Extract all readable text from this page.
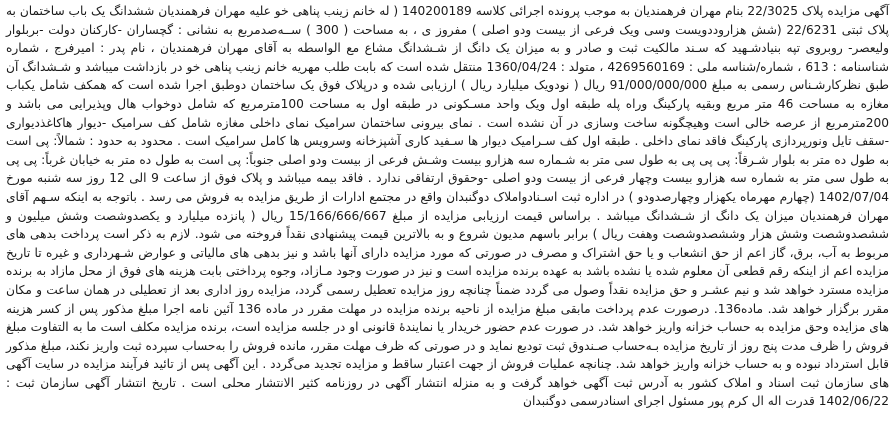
آگهی مزایده پلاک 22/3025 بنام مهران فرهمندیان به موجب پرونده اجرائی کلاسه 140200189 ( له خانم زینب پناهی خو علیه مهران فرهمندیان ششدانگ یک باب ساختمان به پلاک ثبتی 22/6231 (شش هزاروددویست وسی ویک فرعی از بیست ودو اصلی ) مفروز ی ، به مساحت ( 300 ) ســه‌صدمربع به نشانی : گچساران -کارکنان دولت -بربلوار ولیعصر- روبروی تپه بنیادشـهید که سـند مالکیت ثبت و صادر و به میزان یک دانگ از شـشدانگ مشاع مع الواسطه به آقای مهران فرهمندیان ، نام پدر : امیرفرج ، شماره شناسنامه : 613 ، شماره/شناسه ملی : 4269560169 ، متولد : 1360/04/24 منتقل شده است که بابت طلب مهریه خانم زینب پناهی خو در بازداشت میباشد و شـشدانگ آن طبق نظرکارشـناس رسمی به مبلغ 91/000/000/000 ریال ( نودویک میلیارد ریال ) ارزیابی شده و درپلاک فوق یک ساختمان دوطبق اجرا شده است که همکف شامل یکباب مغازه به مساحت 46 متر مربع وبقیه پارکینگ وراه پله طبقه اول ویک واحد مسـکونی در طبقه اول به مساحت 100مترمربع که شامل دوخواب هال وپذیرایی می باشد و 200مترمربع از عرصه خالی است وهیچگونه ساخت وسازی در آن نشده است . نمای بیرونی ساختمان سرامیک نمای داخلی مغازه شامل کف سرامیک -دیوار هاکاغذدیواری -سقف تایل ونورپردازی پارکینگ فاقد نمای داخلی . طبقه اول کف سـرامیک دیوار ها سـفید کاری آشپزخانه وسرویس ها کامل سرامیک است . محدود به حدود : شمالاً: پی است به طول ده متر به بلوار شـرقاً: پی پی پی به طول سی متر به شـماره سه هزارو بیست وشـش فرعی از بیست ودو اصلی جنوباً: پی است به طول ده متر به خیابان غرباً: پی پی به طول سی متر به شماره سه هزارو بیست وچهار فرعی از بیست ودو اصلی -وحقوق ارتفاقی ندارد . فاقد بیمه میباشد و پلاک فوق از ساعت 9 الی 12 روز سه شنبه مورخ 1402/07/04 (چهارم مهرماه یکهزار وچهارصدودو ) در اداره ثبت اسـنادواملاک دوگنبدان واقع در مجتمع ادارات از طریق مزایده به فروش می رسد . باتوجه به اینکه سـهم آقای مهران فرهمندیان میزان یک دانگ از شـشدانگ میباشد . براساس قیمت ارزیابی مزایده از مبلغ 15/166/666/667 ریال ( پانزده میلیارد و یکصدوشصت وشش میلیون و ششصدوشصت وشش هزار وششصدوشصت وهفت ریال ) برابر باسهم مدیون شروع و به بالاترین قیمت پیشنهادی نقداً فروخته می شود. لازم به ذکر است پرداخت بدهی های مربوط به آب، برق، گاز اعم از حق انشعاب و یا حق اشتراک و مصرف در صورتی که مورد مزایده دارای آنها باشد و نیز بدهی های مالیاتی و عوارض شـهرداری و غیره تا تاریخ مزایده اعم از اینکه رقم قطعی آن معلوم شده یا نشده باشد به عهده برنده مزایده است و نیز در صورت وجود مـازاد، وجوه پرداختی بابت هزینه های فوق از محل مازاد به برنده مزایده مسترد خواهد شد و نیم عشـر و حق مزایده نقداً وصول می گردد ضمناً چنانچه روز مزایده تعطیل رسمی گردد، مزایده روز اداری بعد از تعطیلی در همان ساعت و مکان مقرر برگزار خواهد شد. ماده136. درصورت عدم پرداخت مابقی مبلغ مزایده از ناحیه برنده مزایده در مهلت مقرر در ماده 136 آئین نامه اجرا مبلغ مذکور پس از کسر هزینه های مزایده وحق مزایده به حساب خزانه واریز خواهد شد. در صورت عدم حضور خریدار یا نمایندۀ قانونی او در جلسه مزایده است، برنده مزایده مکلف است ما به التفاوت مبلغ فروش را ظرف مدت پنج روز از تاریخ مزایده بـه‌حساب صـندوق ثبت تودیع نماید و در صورتی که ظرف مهلت مقرر، مانده فروش را به‌حساب سپرده ثبت واریز نکند، مبلغ مذکور قابل استرداد نبوده و به حساب خزانه واریز خواهد شد. چنانچه عملیات فروش از جهت اعتبار ساقط و مزایده تجدید می‌گردد . این آگهی پس از تائید فرآیند مزایده در سایت آگهی های سازمان ثبت اسناد و املاک کشور به آدرس ثبت آگهی خواهد گرفت و به منزله انتشار آگهی در روزنامه کثیر الانتشار محلی است . تاریخ انتشار آگهی سازمان ثبت : 1402/06/22 قدرت اله ال کرم پور مسئول اجرای اسنادرسمی دوگنبدان
